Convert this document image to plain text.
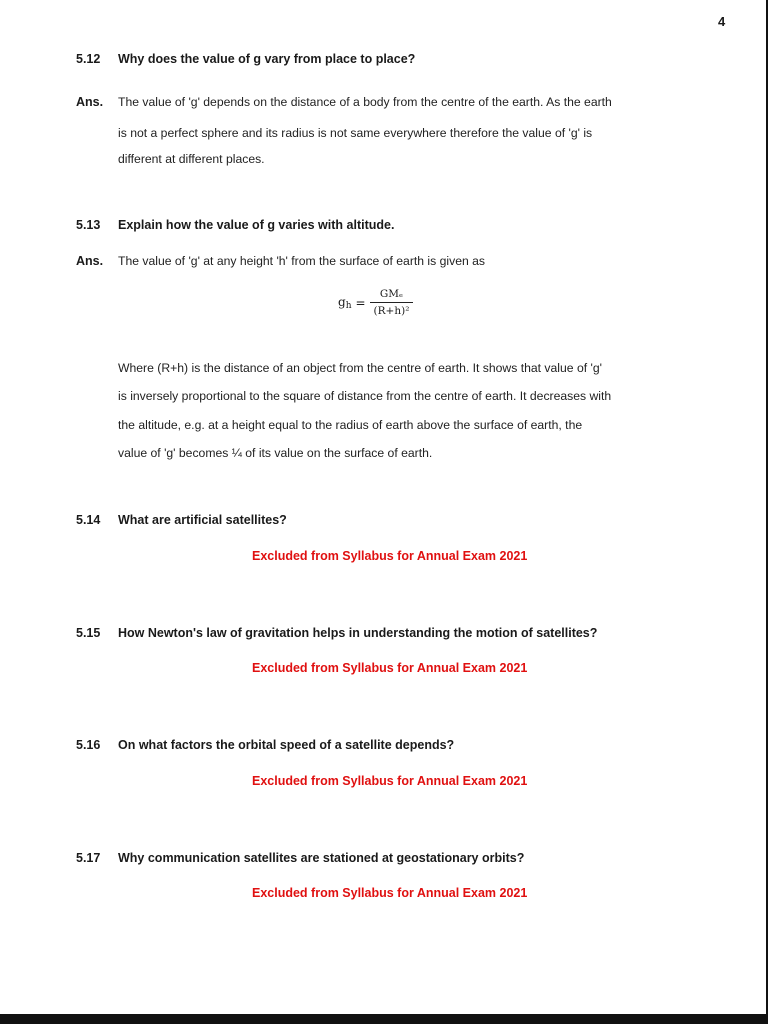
4
5.12 Why does the value of g vary from place to place?
Ans. The value of 'g' depends on the distance of a body from the centre of the earth. As the earth
is not a perfect sphere and its radius is not same everywhere therefore the value of 'g' is
different at different places.
5.13 Explain how the value of g varies with altitude.
Ans. The value of 'g' at any height 'h' from the surface of earth is given as
gh = $\frac{\text{GMₑ}}{\text{(R+h)²}}$
Where (R+h) is the distance of an object from the centre of earth. It shows that value of 'g'
is inversely proportional to the square of distance from the centre of earth. It decreases with
the altitude, e.g. at a height equal to the radius of earth above the surface of earth, the
value of 'g' becomes ¼ of its value on the surface of earth.
5.14 What are artificial satellites?
Excluded from Syllabus for Annual Exam 2021
5.15 How Newton's law of gravitation helps in understanding the motion of satellites?
Excluded from Syllabus for Annual Exam 2021
5.16 On what factors the orbital speed of a satellite depends?
Excluded from Syllabus for Annual Exam 2021
5.17 Why communication satellites are stationed at geostationary orbits?
Excluded from Syllabus for Annual Exam 2021
